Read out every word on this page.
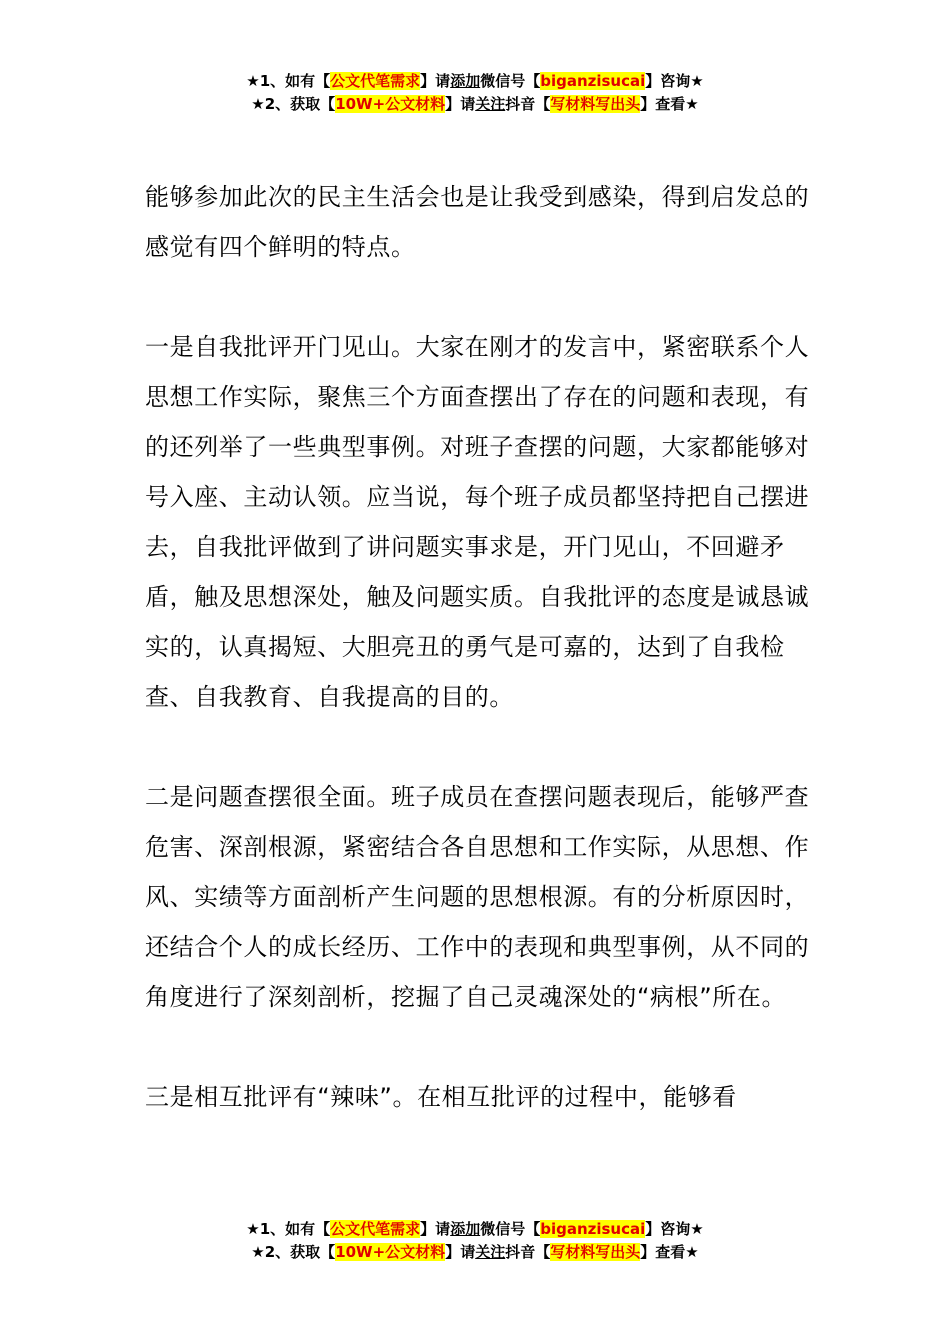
★1、如有【公文代笔需求】请添加微信号【biganzisucai】咨询★
★2、获取【10W+公文材料】请关注抖音【写材料写出头】查看★

能够参加此次的民主生活会也是让我受到感染，得到启发总的感觉有四个鲜明的特点。

一是自我批评开门见山。大家在刚才的发言中，紧密联系个人思想工作实际，聚焦三个方面查摆出了存在的问题和表现，有的还列举了一些典型事例。对班子查摆的问题，大家都能够对号入座、主动认领。应当说，每个班子成员都坚持把自己摆进去，自我批评做到了讲问题实事求是，开门见山，不回避矛盾，触及思想深处，触及问题实质。自我批评的态度是诚恳诚实的，认真揭短、大胆亮丑的勇气是可嘉的，达到了自我检查、自我教育、自我提高的目的。

二是问题查摆很全面。班子成员在查摆问题表现后，能够严查危害、深剖根源，紧密结合各自思想和工作实际，从思想、作风、实绩等方面剖析产生问题的思想根源。有的分析原因时，还结合个人的成长经历、工作中的表现和典型事例，从不同的角度进行了深刻剖析，挖掘了自己灵魂深处的“病根”所在。

三是相互批评有“辣味”。在相互批评的过程中，能够看

★1、如有【公文代笔需求】请添加微信号【biganzisucai】咨询★
★2、获取【10W+公文材料】请关注抖音【写材料写出头】查看★
